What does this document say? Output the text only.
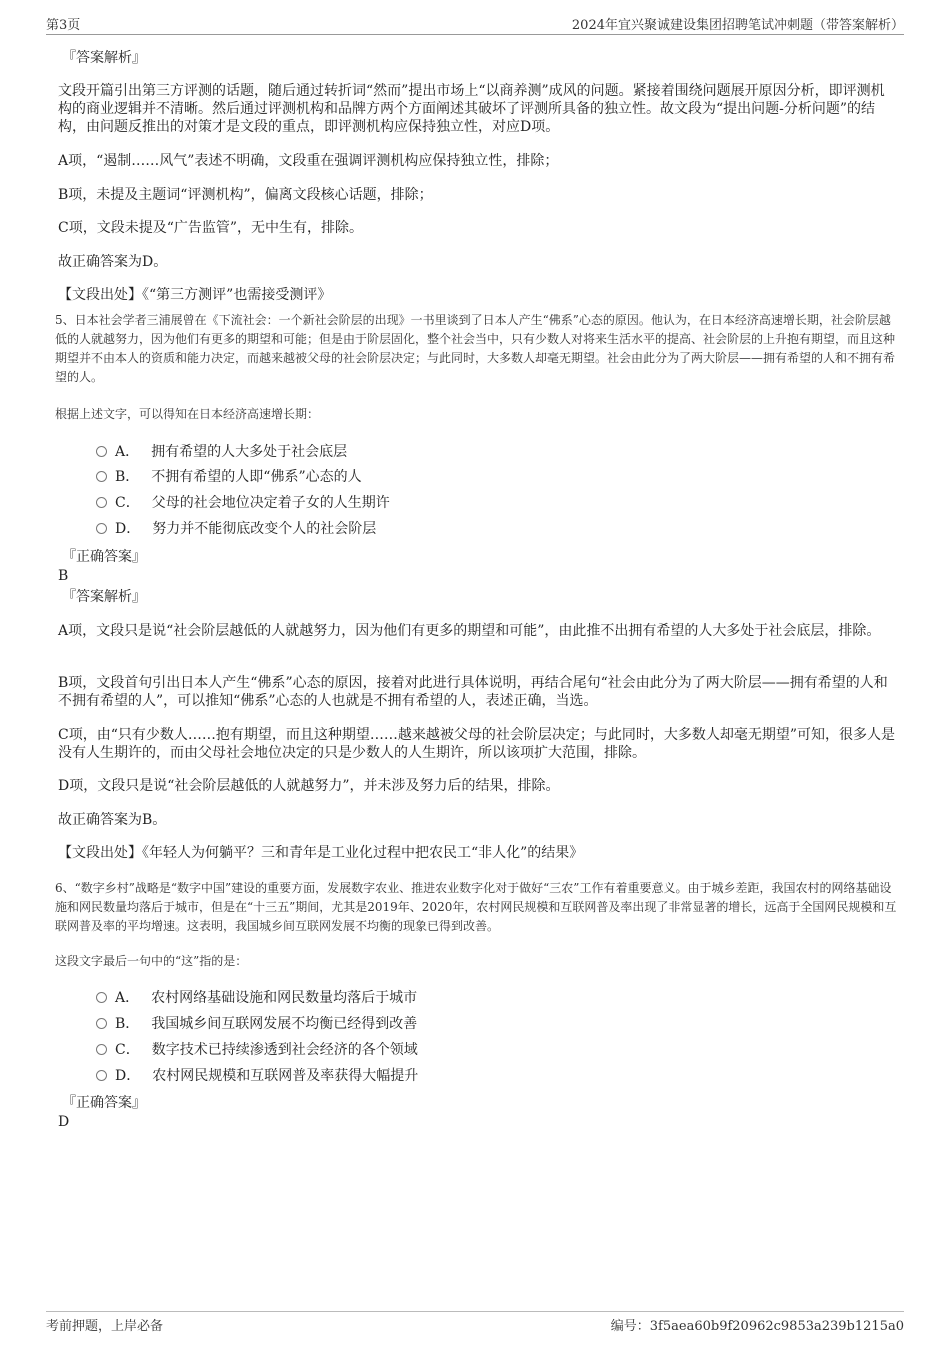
第3页	2024年宜兴聚诚建设集团招聘笔试冲刺题（带答案解析）
『答案解析』

文段开篇引出第三方评测的话题，随后通过转折词“然而”提出市场上“以商养测”成风的问题。紧接着围绕问题展开原因分析，即评测机构的商业逻辑并不清晰。然后通过评测机构和品牌方两个方面阐述其破坏了评测所具备的独立性。故文段为“提出问题-分析问题”的结构，由问题反推出的对策才是文段的重点，即评测机构应保持独立性，对应D项。

A项，“遏制……风气”表述不明确，文段重在强调评测机构应保持独立性，排除；

B项，未提及主题词“评测机构”，偏离文段核心话题，排除；

C项，文段未提及“广告监管”，无中生有，排除。

故正确答案为D。

【文段出处】《“第三方测评”也需接受测评》

5、日本社会学者三浦展曾在《下流社会：一个新社会阶层的出现》一书里谈到了日本人产生“佛系”心态的原因。他认为，在日本经济高速增长期，社会阶层越低的人就越努力，因为他们有更多的期望和可能；但是由于阶层固化，整个社会当中，只有少数人对将来生活水平的提高、社会阶层的上升抱有期望，而且这种期望并不由本人的资质和能力决定，而越来越被父母的社会阶层决定；与此同时，大多数人却毫无期望。社会由此分为了两大阶层——拥有希望的人和不拥有希望的人。

根据上述文字，可以得知在日本经济高速增长期：

A． 拥有希望的人大多处于社会底层
B． 不拥有希望的人即“佛系”心态的人
C． 父母的社会地位决定着子女的人生期许
D． 努力并不能彻底改变个人的社会阶层
『正确答案』
B
『答案解析』

A项，文段只是说“社会阶层越低的人就越努力，因为他们有更多的期望和可能”，由此推不出拥有希望的人大多处于社会底层，排除。

B项，文段首句引出日本人产生“佛系”心态的原因，接着对此进行具体说明，再结合尾句“社会由此分为了两大阶层——拥有希望的人和不拥有希望的人”，可以推知“佛系”心态的人也就是不拥有希望的人，表述正确，当选。

C项，由“只有少数人……抱有期望，而且这种期望……越来越被父母的社会阶层决定；与此同时，大多数人却毫无期望”可知，很多人是没有人生期许的，而由父母社会地位决定的只是少数人的人生期许，所以该项扩大范围，排除。

D项，文段只是说“社会阶层越低的人就越努力”，并未涉及努力后的结果，排除。

故正确答案为B。

【文段出处】《年轻人为何躺平？三和青年是工业化过程中把农民工“非人化”的结果》

6、“数字乡村”战略是“数字中国”建设的重要方面，发展数字农业、推进农业数字化对于做好“三农”工作有着重要意义。由于城乡差距，我国农村的网络基础设施和网民数量均落后于城市，但是在“十三五”期间，尤其是2019年、2020年，农村网民规模和互联网普及率出现了非常显著的增长，远高于全国网民规模和互联网普及率的平均增速。这表明，我国城乡间互联网发展不均衡的现象已得到改善。

这段文字最后一句中的“这”指的是：

A． 农村网络基础设施和网民数量均落后于城市
B． 我国城乡间互联网发展不均衡已经得到改善
C． 数字技术已持续渗透到社会经济的各个领域
D． 农村网民规模和互联网普及率获得大幅提升
『正确答案』
D
考前押题，上岸必备	编号：3f5aea60b9f20962c9853a239b1215a0
